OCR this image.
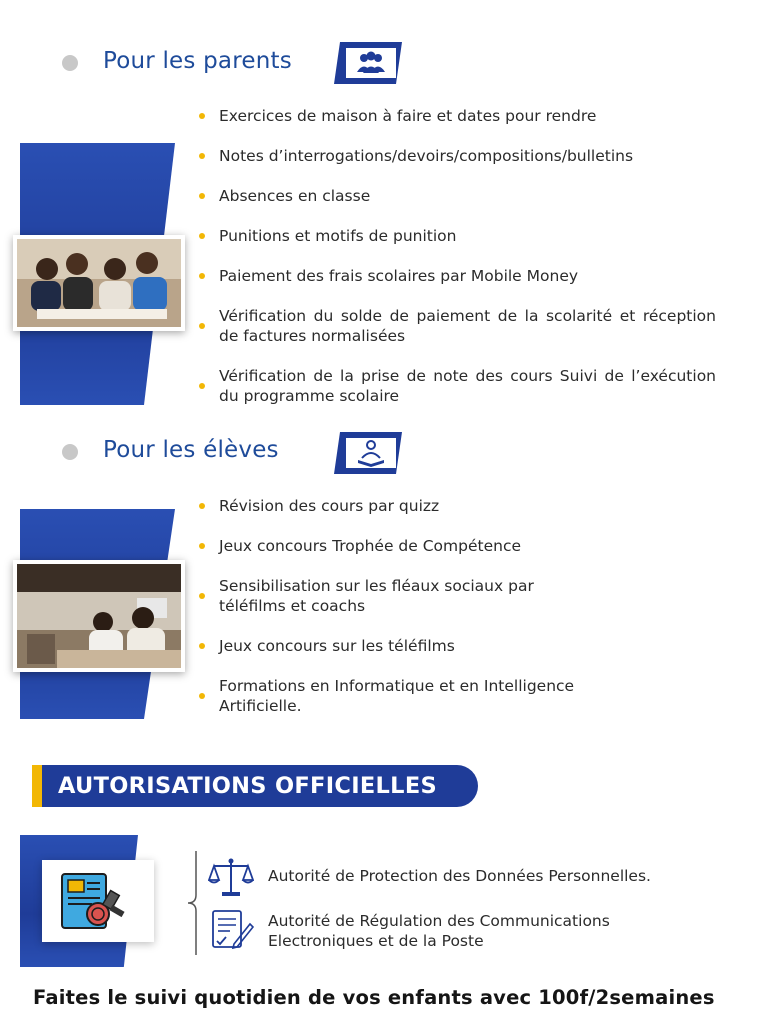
Pour les parents
Exercices de maison à faire et dates pour rendre
Notes d’interrogations/devoirs/compositions/bulletins
Absences en classe
Punitions et motifs de punition
Paiement des frais scolaires par Mobile Money
Vérification du solde de paiement de la scolarité et réception de factures normalisées
Vérification de la prise de note des cours Suivi de l’exécution du programme scolaire
Pour les élèves
Révision des cours par quizz
Jeux concours Trophée de Compétence
Sensibilisation sur les fléaux sociaux par téléfilms et coachs
Jeux concours sur les téléfilms
Formations en Informatique et en Intelligence Artificielle.
AUTORISATIONS OFFICIELLES
Autorité de Protection des Données Personnelles.
Autorité de Régulation des Communications Electroniques et de la Poste
Faites le suivi quotidien de vos enfants avec 100f/2semaines
